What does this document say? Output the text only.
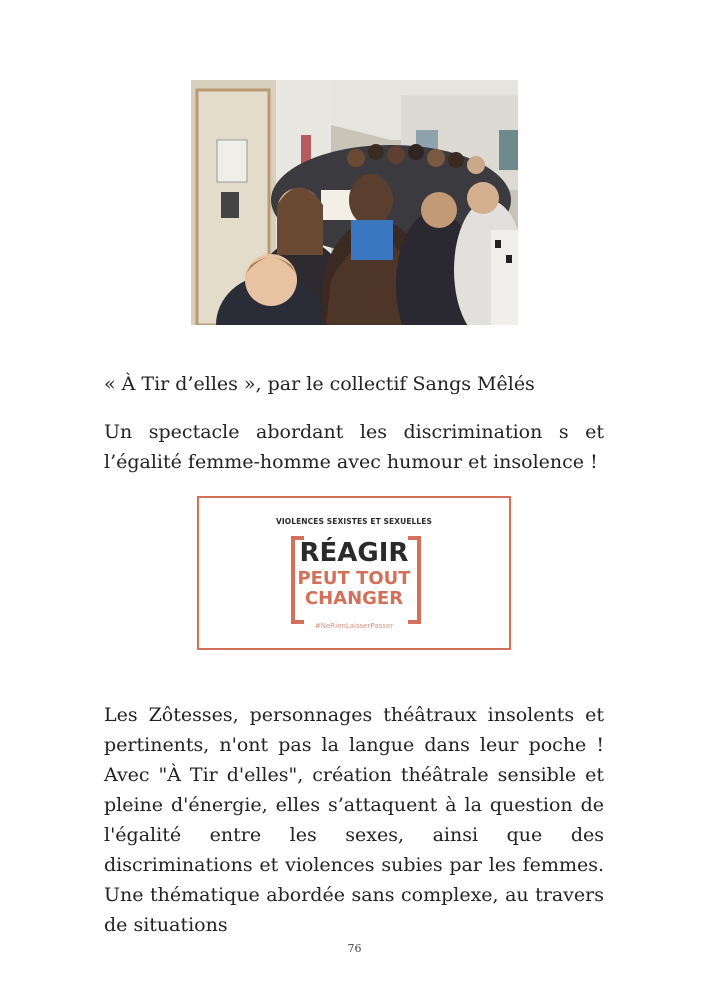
« À Tir d’elles », par le collectif Sangs Mêlés
Un spectacle abordant les discrimination s et l’égalité femme-homme avec humour et insolence !
VIOLENCES SEXISTES ET SEXUELLES
RÉAGIR
PEUT TOUT
CHANGER
#NeRienLaisserPasser
Les Zôtesses, personnages théâtraux insolents et pertinents, n'ont pas la langue dans leur poche ! Avec "À Tir d'elles", création théâtrale sensible et pleine d'énergie, elles s’attaquent à la question de l'égalité entre les sexes, ainsi que des discriminations et violences subies par les femmes. Une thématique abordée sans complexe, au travers de situations
76
